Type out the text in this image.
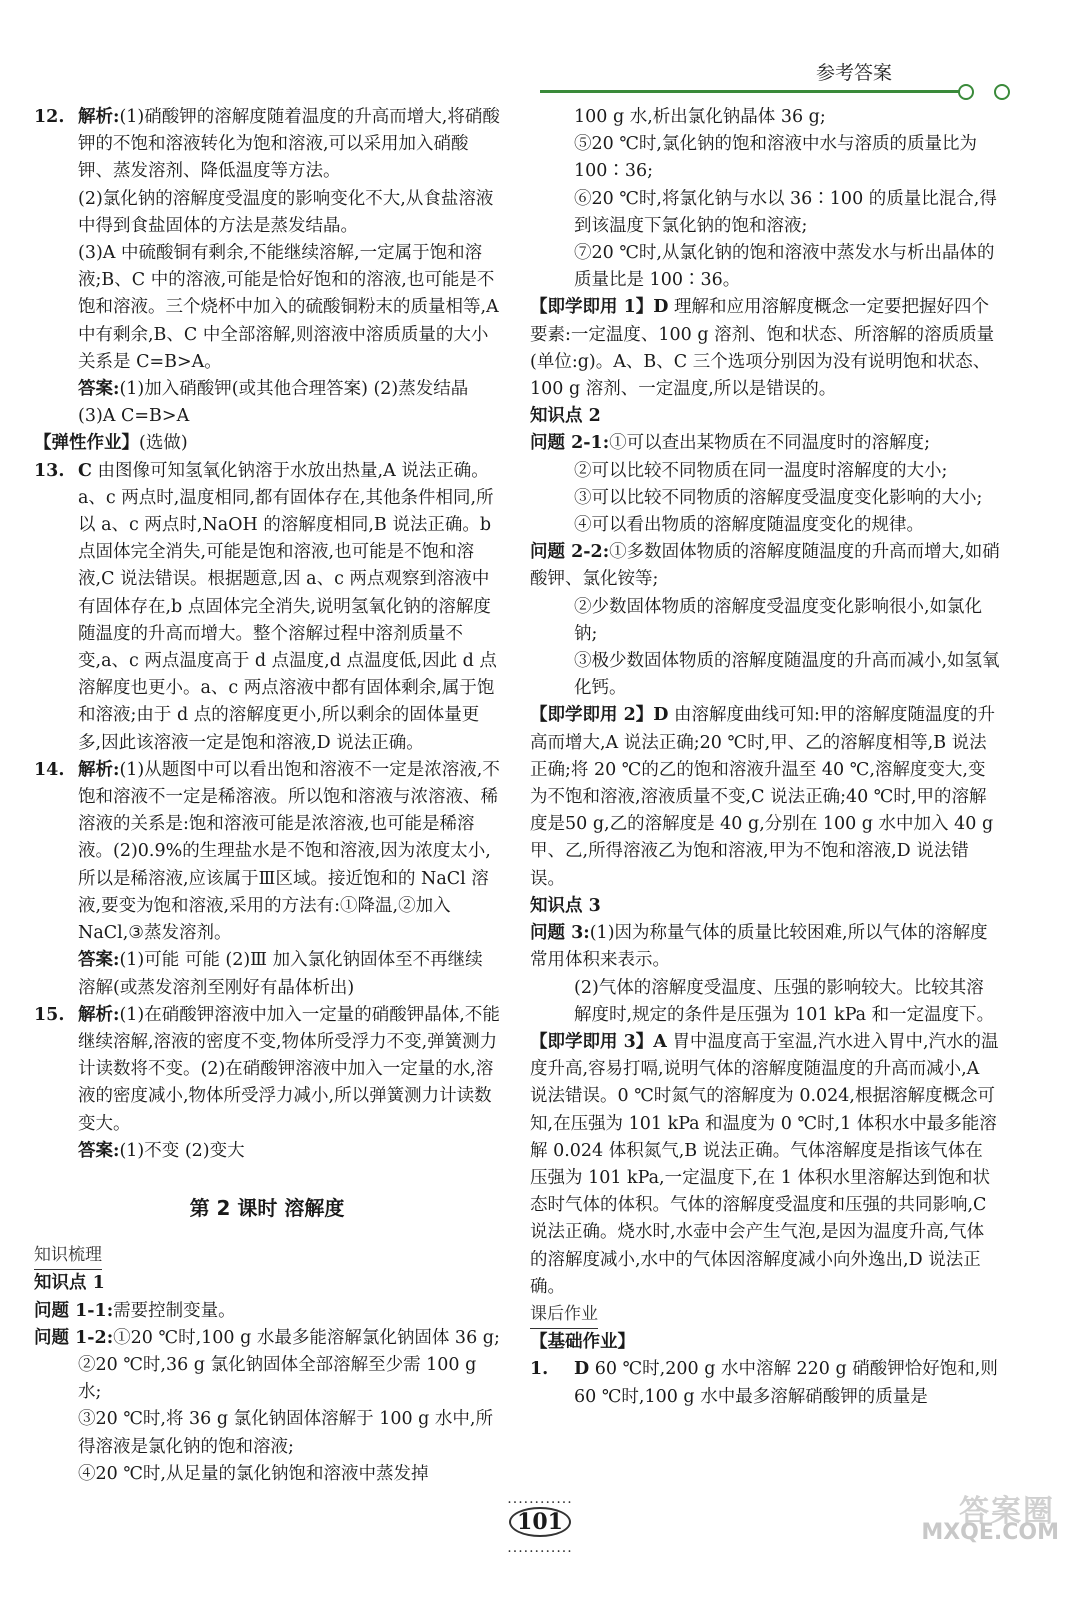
参考答案
12. 解析:(1)硝酸钾的溶解度随着温度的升高而增大,将硝酸钾的不饱和溶液转化为饱和溶液,可以采用加入硝酸钾、蒸发溶剂、降低温度等方法。
(2)氯化钠的溶解度受温度的影响变化不大,从食盐溶液中得到食盐固体的方法是蒸发结晶。
(3)A 中硫酸铜有剩余,不能继续溶解,一定属于饱和溶液;B、C 中的溶液,可能是恰好饱和的溶液,也可能是不饱和溶液。三个烧杯中加入的硫酸铜粉末的质量相等,A 中有剩余,B、C 中全部溶解,则溶液中溶质质量的大小关系是 C=B>A。
答案:(1)加入硝酸钾(或其他合理答案) (2)蒸发结晶 (3)A C=B>A
【弹性作业】(选做)
13. C 由图像可知氢氧化钠溶于水放出热量,A 说法正确。a、c 两点时,温度相同,都有固体存在,其他条件相同,所以 a、c 两点时,NaOH 的溶解度相同,B 说法正确。b 点固体完全消失,可能是饱和溶液,也可能是不饱和溶液,C 说法错误。根据题意,因 a、c 两点观察到溶液中有固体存在,b 点固体完全消失,说明氢氧化钠的溶解度随温度的升高而增大。整个溶解过程中溶剂质量不变,a、c 两点温度高于 d 点温度,d 点温度低,因此 d 点溶解度也更小。a、c 两点溶液中都有固体剩余,属于饱和溶液;由于 d 点的溶解度更小,所以剩余的固体量更多,因此该溶液一定是饱和溶液,D 说法正确。
14. 解析:(1)从题图中可以看出饱和溶液不一定是浓溶液,不饱和溶液不一定是稀溶液。所以饱和溶液与浓溶液、稀溶液的关系是:饱和溶液可能是浓溶液,也可能是稀溶液。(2)0.9%的生理盐水是不饱和溶液,因为浓度太小,所以是稀溶液,应该属于Ⅲ区域。接近饱和的 NaCl 溶液,要变为饱和溶液,采用的方法有:①降温,②加入 NaCl,③蒸发溶剂。
答案:(1)可能 可能 (2)Ⅲ 加入氯化钠固体至不再继续溶解(或蒸发溶剂至刚好有晶体析出)
15. 解析:(1)在硝酸钾溶液中加入一定量的硝酸钾晶体,不能继续溶解,溶液的密度不变,物体所受浮力不变,弹簧测力计读数将不变。(2)在硝酸钾溶液中加入一定量的水,溶液的密度减小,物体所受浮力减小,所以弹簧测力计读数变大。
答案:(1)不变 (2)变大
第 2 课时 溶解度
知识梳理
知识点 1
问题 1-1:需要控制变量。
问题 1-2:①20 ℃时,100 g 水最多能溶解氯化钠固体 36 g;
②20 ℃时,36 g 氯化钠固体全部溶解至少需 100 g 水;
③20 ℃时,将 36 g 氯化钠固体溶解于 100 g 水中,所得溶液是氯化钠的饱和溶液;
④20 ℃时,从足量的氯化钠饱和溶液中蒸发掉
100 g 水,析出氯化钠晶体 36 g;
⑤20 ℃时,氯化钠的饱和溶液中水与溶质的质量比为100∶36;
⑥20 ℃时,将氯化钠与水以 36∶100 的质量比混合,得到该温度下氯化钠的饱和溶液;
⑦20 ℃时,从氯化钠的饱和溶液中蒸发水与析出晶体的质量比是 100∶36。
【即学即用 1】D 理解和应用溶解度概念一定要把握好四个要素:一定温度、100 g 溶剂、饱和状态、所溶解的溶质质量(单位:g)。A、B、C 三个选项分别因为没有说明饱和状态、100 g 溶剂、一定温度,所以是错误的。
知识点 2
问题 2-1:①可以查出某物质在不同温度时的溶解度;
②可以比较不同物质在同一温度时溶解度的大小;
③可以比较不同物质的溶解度受温度变化影响的大小;
④可以看出物质的溶解度随温度变化的规律。
问题 2-2:①多数固体物质的溶解度随温度的升高而增大,如硝酸钾、氯化铵等;
②少数固体物质的溶解度受温度变化影响很小,如氯化钠;
③极少数固体物质的溶解度随温度的升高而减小,如氢氧化钙。
【即学即用 2】D 由溶解度曲线可知:甲的溶解度随温度的升高而增大,A 说法正确;20 ℃时,甲、乙的溶解度相等,B 说法正确;将 20 ℃的乙的饱和溶液升温至 40 ℃,溶解度变大,变为不饱和溶液,溶液质量不变,C 说法正确;40 ℃时,甲的溶解度是50 g,乙的溶解度是 40 g,分别在 100 g 水中加入 40 g 甲、乙,所得溶液乙为饱和溶液,甲为不饱和溶液,D 说法错误。
知识点 3
问题 3:(1)因为称量气体的质量比较困难,所以气体的溶解度常用体积来表示。
(2)气体的溶解度受温度、压强的影响较大。比较其溶解度时,规定的条件是压强为 101 kPa 和一定温度下。
【即学即用 3】A 胃中温度高于室温,汽水进入胃中,汽水的温度升高,容易打嗝,说明气体的溶解度随温度的升高而减小,A 说法错误。0 ℃时氮气的溶解度为 0.024,根据溶解度概念可知,在压强为 101 kPa 和温度为 0 ℃时,1 体积水中最多能溶解 0.024 体积氮气,B 说法正确。气体溶解度是指该气体在压强为 101 kPa,一定温度下,在 1 体积水里溶解达到饱和状态时气体的体积。气体的溶解度受温度和压强的共同影响,C 说法正确。烧水时,水壶中会产生气泡,是因为温度升高,气体的溶解度减小,水中的气体因溶解度减小向外逸出,D 说法正确。
课后作业
【基础作业】
1. D 60 ℃时,200 g 水中溶解 220 g 硝酸钾恰好饱和,则 60 ℃时,100 g 水中最多溶解硝酸钾的质量是
............101............
答案圈
MXQE.COM
